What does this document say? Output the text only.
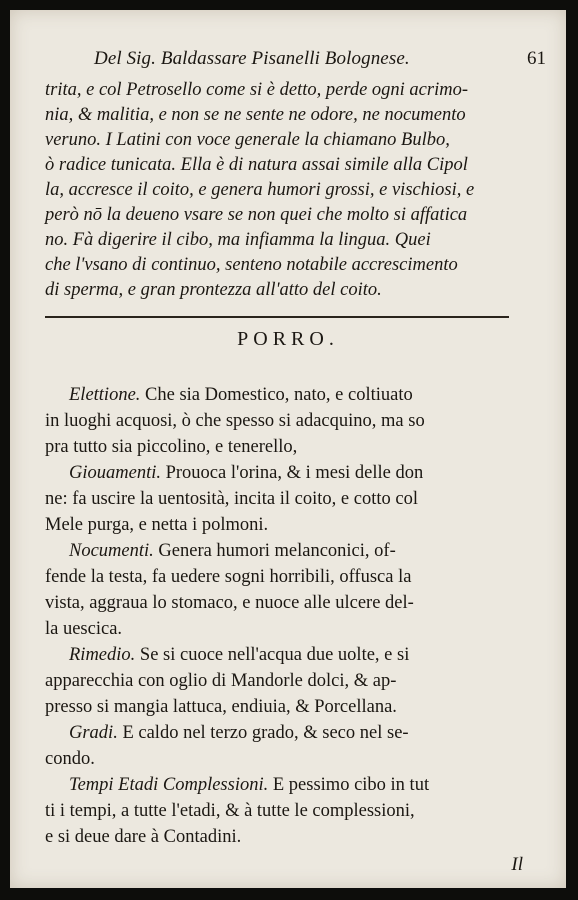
Del Sig. Baldassare Pisanelli Bolognese.	61
trita, e col Petrosello come si è detto, perde ogni acrimo-
nia, & malitia, e non se ne sente ne odore, ne nocumento
veruno. I Latini con voce generale la chiamano Bulbo,
ò radice tunicata. Ella è di natura assai simile alla Cipol
la, accresce il coito, e genera humori grossi, e vischiosi, e
però nō la deueno vsare se non quei che molto si affatica
no. Fà digerire il cibo, ma infiamma la lingua. Quei
che l'vsano di continuo, senteno notabile accrescimento
di sperma, e gran prontezza all'atto del coito.
PORRO.
Elettione. Che sia Domestico, nato, e coltiuato
in luoghi acquosi, ò che spesso si adacquino, ma so
pra tutto sia piccolino, e tenerello,
Giouamenti. Prouoca l'orina, & i mesi delle don
ne: fa uscire la uentosità, incita il coito, e cotto col
Mele purga, e netta i polmoni.
Nocumenti. Genera humori melanconici, of-
fende la testa, fa uedere sogni horribili, offusca la
vista, aggraua lo stomaco, e nuoce alle ulcere del-
la uescica.
Rimedio. Se si cuoce nell'acqua due uolte, e si
apparecchia con oglio di Mandorle dolci, & ap-
presso si mangia lattuca, endiuia, & Porcellana.
Gradi. E caldo nel terzo grado, & seco nel se-
condo.
Tempi Etadi Complessioni. E pessimo cibo in tut
ti i tempi, a tutte l'etadi, & à tutte le complessioni,
e si deue dare à Contadini.
Il
